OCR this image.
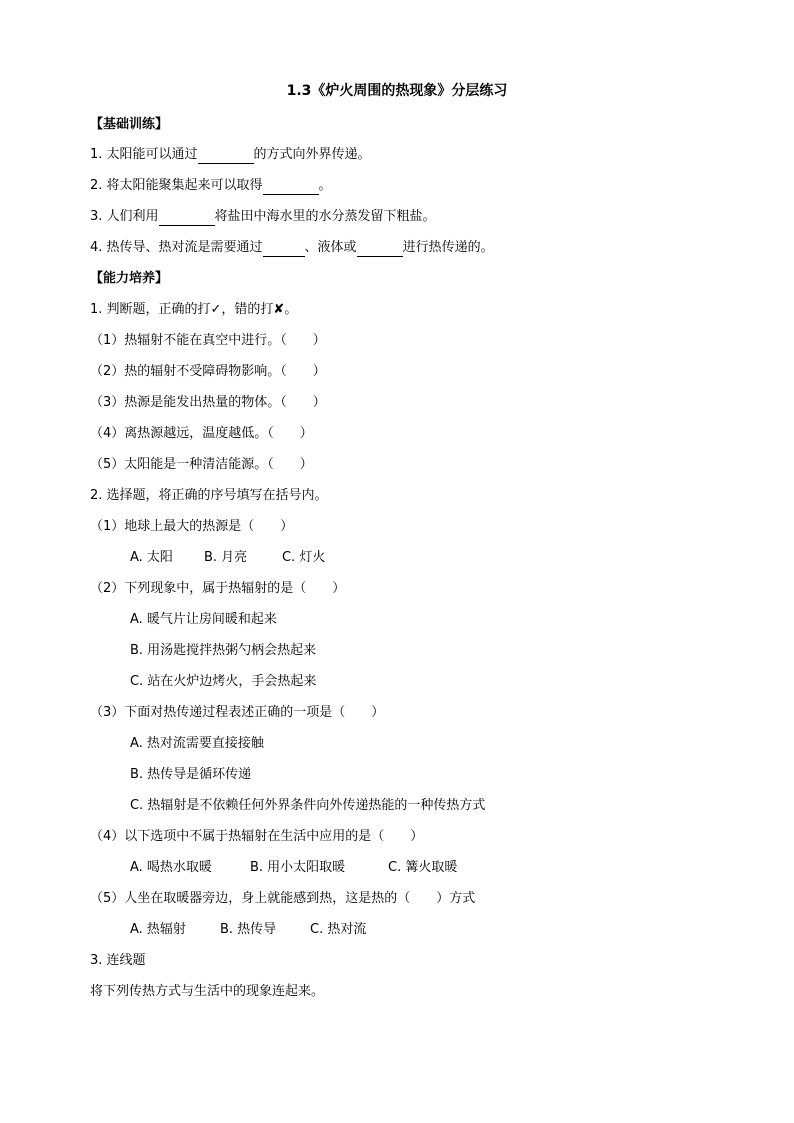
1.3《炉火周围的热现象》分层练习
【基础训练】
1. 太阳能可以通过	的方式向外界传递。
2. 将太阳能聚集起来可以取得	。
3. 人们利用	将盐田中海水里的水分蒸发留下粗盐。
4. 热传导、热对流是需要通过	、液体或	进行热传递的。
【能力培养】
1. 判断题，正确的打✓，错的打✘。
（1）热辐射不能在真空中进行。（　　）
（2）热的辐射不受障碍物影响。（　　）
（3）热源是能发出热量的物体。（　　）
（4）离热源越远，温度越低。（　　）
（5）太阳能是一种清洁能源。（　　）
2. 选择题，将正确的序号填写在括号内。
（1）地球上最大的热源是（　　）
A. 太阳 B. 月亮	C. 灯火
（2）下列现象中，属于热辐射的是（　　）
A. 暖气片让房间暖和起来
B. 用汤匙搅拌热粥勺柄会热起来
C. 站在火炉边烤火，手会热起来
（3）下面对热传递过程表述正确的一项是（　　）
A. 热对流需要直接接触
B. 热传导是循环传递
C. 热辐射是不依赖任何外界条件向外传递热能的一种传热方式
（4）以下选项中不属于热辐射在生活中应用的是（　　）
A. 喝热水取暖	B. 用小太阳取暖	C. 篝火取暖
（5）人坐在取暖器旁边，身上就能感到热，这是热的（　　）方式
A. 热辐射	B. 热传导	C. 热对流
3. 连线题
将下列传热方式与生活中的现象连起来。
